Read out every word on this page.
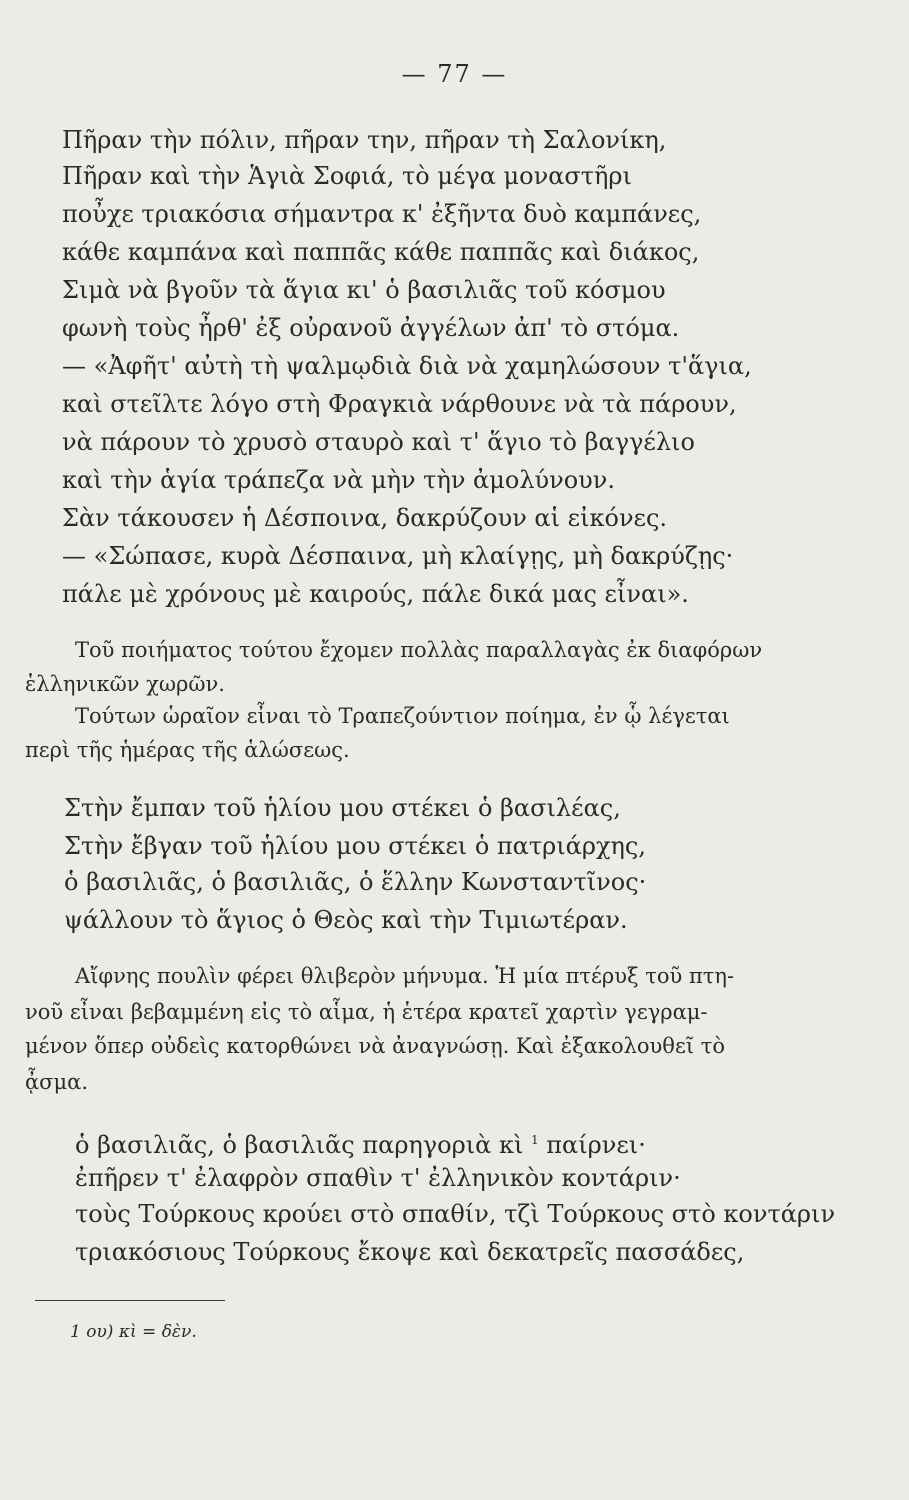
— 77 —
Πῆραν τὴν πόλιν, πῆραν την, πῆραν τὴ Σαλονίκη,
Πῆραν καὶ τὴν Ἁγιὰ Σοφιά, τὸ μέγα μοναστῆρι
ποὖχε τριακόσια σήμαντρα κ' ἐξῆντα δυὸ καμπάνες,
κάθε καμπάνα καὶ παππᾶς κάθε παππᾶς καὶ διάκος,
Σιμὰ νὰ βγοῦν τὰ ἅγια κι' ὁ βασιλιᾶς τοῦ κόσμου
φωνὴ τοὺς ἦρθ' ἐξ οὐρανοῦ ἀγγέλων ἀπ' τὸ στόμα.
— «Ἀφῆτ' αὐτὴ τὴ ψαλμῳδιὰ διὰ νὰ χαμηλώσουν τ'ἅγια,
καὶ στεῖλτε λόγο στὴ Φραγκιὰ νάρθουνε νὰ τὰ πάρουν,
νὰ πάρουν τὸ χρυσὸ σταυρὸ καὶ τ' ἅγιο τὸ βαγγέλιο
καὶ τὴν ἁγία τράπεζα νὰ μὴν τὴν ἀμολύνουν.
Σὰν τάκουσεν ἡ Δέσποινα, δακρύζουν αἱ εἰκόνες.
— «Σώπασε, κυρὰ Δέσπαινα, μὴ κλαίγῃς, μὴ δακρύζῃς·
πάλε μὲ χρόνους μὲ καιρούς, πάλε δικά μας εἶναι».
Τοῦ ποιήματος τούτου ἔχομεν πολλὰς παραλλαγὰς ἐκ διαφόρων
ἑλληνικῶν χωρῶν.
Τούτων ὡραῖον εἶναι τὸ Τραπεζούντιον ποίημα, ἐν ᾧ λέγεται
περὶ τῆς ἡμέρας τῆς ἁλώσεως.
Στὴν ἔμπαν τοῦ ἡλίου μου στέκει ὁ βασιλέας,
Στὴν ἔβγαν τοῦ ἡλίου μου στέκει ὁ πατριάρχης,
ὁ βασιλιᾶς, ὁ βασιλιᾶς, ὁ ἕλλην Κωνσταντῖνος·
ψάλλουν τὸ ἅγιος ὁ Θεὸς καὶ τὴν Τιμιωτέραν.
Αἴφνης πουλὶν φέρει θλιβερὸν μήνυμα. Ἡ μία πτέρυξ τοῦ πτη-
νοῦ εἶναι βεβαμμένη εἰς τὸ αἷμα, ἡ ἑτέρα κρατεῖ χαρτὶν γεγραμ-
μένον ὅπερ οὐδεὶς κατορθώνει νὰ ἀναγνώσῃ. Καὶ ἐξακολουθεῖ τὸ
ᾆσμα.
ὁ βασιλιᾶς, ὁ βασιλιᾶς παρηγοριὰ κὶ $^1$ παίρνει·
ἐπῆρεν τ' ἐλαφρὸν σπαθὶν τ' ἐλληνικὸν κοντάριν·
τοὺς Τούρκους κρούει στὸ σπαθίν, τζὶ Τούρκους στὸ κοντάριν
τριακόσιους Τούρκους ἔκοψε καὶ δεκατρεῖς πασσάδες,
1 ου) κὶ = δὲν.
